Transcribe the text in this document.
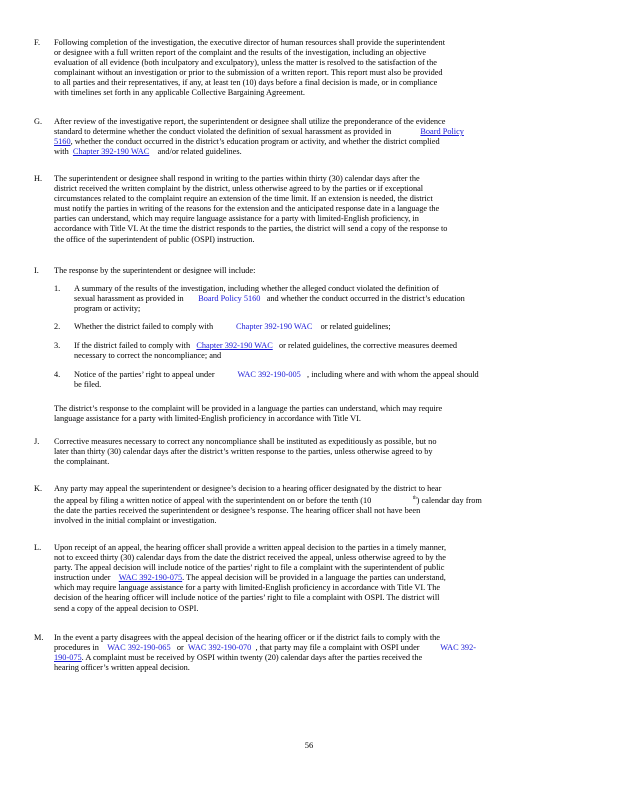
F.	Following completion of the investigation, the executive director of human resources shall provide the superintendent
or designee with a full written report of the complaint and the results of the investigation, including an objective
evaluation of all evidence (both inculpatory and exculpatory), unless the matter is resolved to the satisfaction of the
complainant without an investigation or prior to the submission of a written report. This report must also be provided
to all parties and their representatives, if any, at least ten (10) days before a final decision is made, or in compliance
with timelines set forth in any applicable Collective Bargaining Agreement.
G.	After review of the investigative report, the superintendent or designee shall utilize the preponderance of the evidence
standard to determine whether the conduct violated the definition of sexual harassment as provided in	Board Policy
5160, whether the conduct occurred in the district’s education program or activity, and whether the district complied
with Chapter 392-190 WAC and/or related guidelines.
H.	The superintendent or designee shall respond in writing to the parties within thirty (30) calendar days after the
district received the written complaint by the district, unless otherwise agreed to by the parties or if exceptional
circumstances related to the complaint require an extension of the time limit. If an extension is needed, the district
must notify the parties in writing of the reasons for the extension and the anticipated response date in a language the
parties can understand, which may require language assistance for a party with limited-English proficiency, in
accordance with Title VI. At the time the district responds to the parties, the district will send a copy of the response to
the office of the superintendent of public (OSPI) instruction.
I.	The response by the superintendent or designee will include:
1.	A summary of the results of the investigation, including whether the alleged conduct violated the definition of
sexual harassment as provided in Board Policy 5160 and whether the conduct occurred in the district’s education
program or activity;
2.	Whether the district failed to comply with	Chapter 392-190 WAC or related guidelines;
3.	If the district failed to comply with Chapter 392-190 WAC or related guidelines, the corrective measures deemed
necessary to correct the noncompliance; and
4.	Notice of the parties’ right to appeal under	WAC 392-190-005 , including where and with whom the appeal should
be filed.
The district’s response to the complaint will be provided in a language the parties can understand, which may require
language assistance for a party with limited-English proficiency in accordance with Title VI.
J.	Corrective measures necessary to correct any noncompliance shall be instituted as expeditiously as possible, but no
later than thirty (30) calendar days after the district’s written response to the parties, unless otherwise agreed to by
the complainant.
K.	Any party may appeal the superintendent or designee’s decision to a hearing officer designated by the district to hear
the appeal by filing a written notice of appeal with the superintendent on or before the tenth (10	$^{th}$) calendar day from
the date the parties received the superintendent or designee’s response. The hearing officer shall not have been
involved in the initial complaint or investigation.
L.	Upon receipt of an appeal, the hearing officer shall provide a written appeal decision to the parties in a timely manner,
not to exceed thirty (30) calendar days from the date the district received the appeal, unless otherwise agreed to by the
party. The appeal decision will include notice of the parties’ right to file a complaint with the superintendent of public
instruction under WAC 392-190-075. The appeal decision will be provided in a language the parties can understand,
which may require language assistance for a party with limited-English proficiency in accordance with Title VI. The
decision of the hearing officer will include notice of the parties’ right to file a complaint with OSPI. The district will
send a copy of the appeal decision to OSPI.
M.	In the event a party disagrees with the appeal decision of the hearing officer or if the district fails to comply with the
procedures in WAC 392-190-065 or WAC 392-190-070 , that party may file a complaint with OSPI under	WAC 392-
190-075. A complaint must be received by OSPI within twenty (20) calendar days after the parties received the
hearing officer’s written appeal decision.
56
